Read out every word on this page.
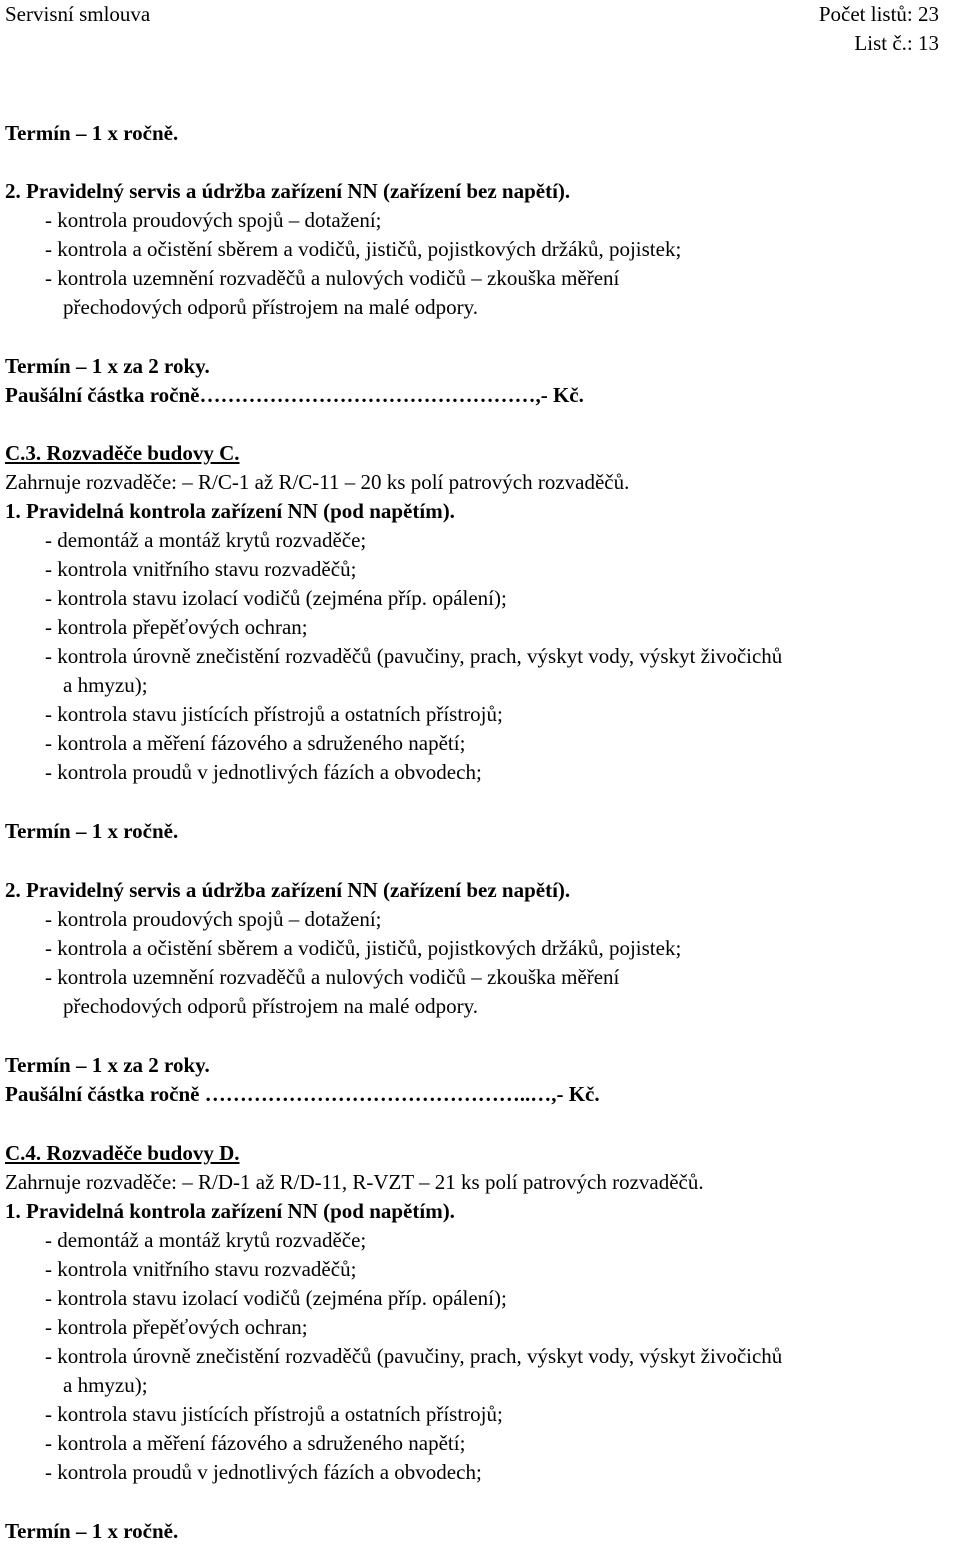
Servisní smlouva	Počet listů: 23
List č.: 13
Termín – 1 x ročně.
2. Pravidelný servis a údržba zařízení NN (zařízení bez napětí).
- kontrola proudových spojů – dotažení;
- kontrola a očistění sběrem a vodičů, jističů, pojistkových držáků, pojistek;
- kontrola uzemnění rozvaděčů a nulových vodičů – zkouška měření
přechodových odporů přístrojem na malé odpory.
Termín – 1 x za 2 roky.
Paušální částka ročně…………………………………………,- Kč.
C.3. Rozvaděče budovy C.
Zahrnuje rozvaděče: – R/C-1 až R/C-11 – 20 ks polí patrových rozvaděčů.
1. Pravidelná kontrola zařízení NN (pod napětím).
- demontáž a montáž krytů rozvaděče;
- kontrola vnitřního stavu rozvaděčů;
- kontrola stavu izolací vodičů (zejména příp. opálení);
- kontrola přepěťových ochran;
- kontrola úrovně znečistění rozvaděčů (pavučiny, prach, výskyt vody, výskyt živočichů
a hmyzu);
- kontrola stavu jistících přístrojů a ostatních přístrojů;
- kontrola a měření fázového a sdruženého napětí;
- kontrola proudů v jednotlivých fázích a obvodech;
Termín – 1 x ročně.
2. Pravidelný servis a údržba zařízení NN (zařízení bez napětí).
- kontrola proudových spojů – dotažení;
- kontrola a očistění sběrem a vodičů, jističů, pojistkových držáků, pojistek;
- kontrola uzemnění rozvaděčů a nulových vodičů – zkouška měření
přechodových odporů přístrojem na malé odpory.
Termín – 1 x za 2 roky.
Paušální částka ročně ………………………………………..…,- Kč.
C.4. Rozvaděče budovy D.
Zahrnuje rozvaděče: – R/D-1 až R/D-11, R-VZT – 21 ks polí patrových rozvaděčů.
1. Pravidelná kontrola zařízení NN (pod napětím).
- demontáž a montáž krytů rozvaděče;
- kontrola vnitřního stavu rozvaděčů;
- kontrola stavu izolací vodičů (zejména příp. opálení);
- kontrola přepěťových ochran;
- kontrola úrovně znečistění rozvaděčů (pavučiny, prach, výskyt vody, výskyt živočichů
a hmyzu);
- kontrola stavu jistících přístrojů a ostatních přístrojů;
- kontrola a měření fázového a sdruženého napětí;
- kontrola proudů v jednotlivých fázích a obvodech;
Termín – 1 x ročně.
